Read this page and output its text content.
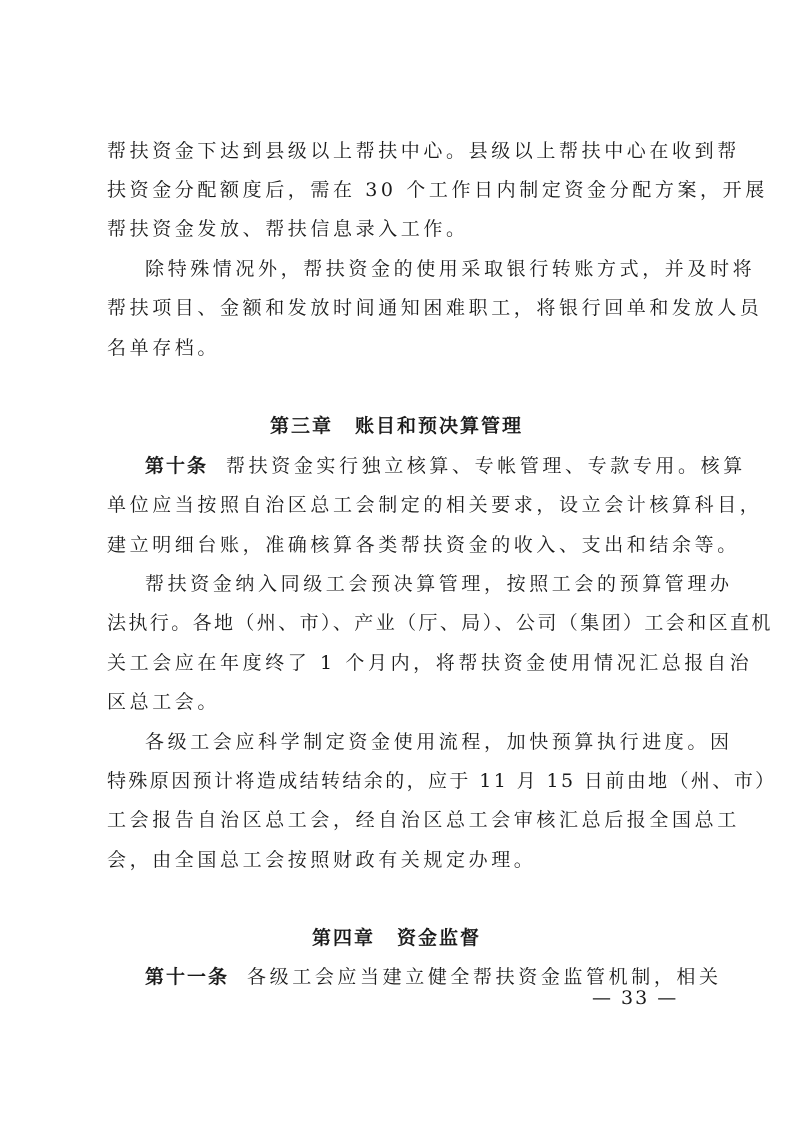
帮扶资金下达到县级以上帮扶中心。县级以上帮扶中心在收到帮
扶资金分配额度后，需在 30 个工作日内制定资金分配方案，开展
帮扶资金发放、帮扶信息录入工作。
除特殊情况外，帮扶资金的使用采取银行转账方式，并及时将
帮扶项目、金额和发放时间通知困难职工，将银行回单和发放人员
名单存档。
第三章 账目和预决算管理
第十条 帮扶资金实行独立核算、专帐管理、专款专用。核算
单位应当按照自治区总工会制定的相关要求，设立会计核算科目，
建立明细台账，准确核算各类帮扶资金的收入、支出和结余等。
帮扶资金纳入同级工会预决算管理，按照工会的预算管理办
法执行。各地（州、市）、产业（厅、局）、公司（集团）工会和区直机
关工会应在年度终了 1 个月内，将帮扶资金使用情况汇总报自治
区总工会。
各级工会应科学制定资金使用流程，加快预算执行进度。因
特殊原因预计将造成结转结余的，应于 11 月 15 日前由地（州、市）
工会报告自治区总工会，经自治区总工会审核汇总后报全国总工
会，由全国总工会按照财政有关规定办理。
第四章 资金监督
第十一条 各级工会应当建立健全帮扶资金监管机制，相关
— 33 —
